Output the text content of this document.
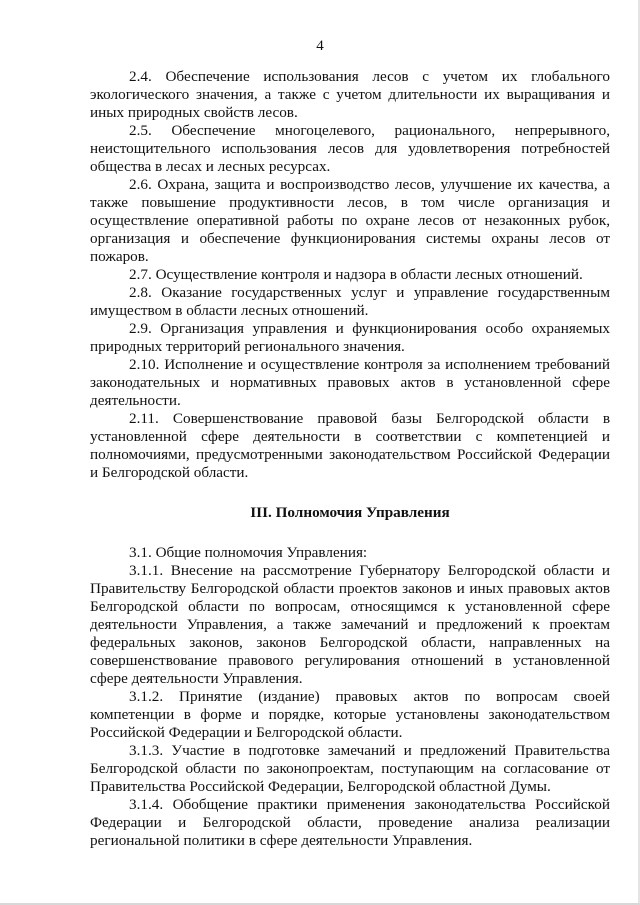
4

2.4. Обеспечение использования лесов с учетом их глобального экологического значения, а также с учетом длительности их выращивания и иных природных свойств лесов.

2.5. Обеспечение многоцелевого, рационального, непрерывного, неистощительного использования лесов для удовлетворения потребностей общества в лесах и лесных ресурсах.

2.6. Охрана, защита и воспроизводство лесов, улучшение их качества, а также повышение продуктивности лесов, в том числе организация и осуществление оперативной работы по охране лесов от незаконных рубок, организация и обеспечение функционирования системы охраны лесов от пожаров.

2.7. Осуществление контроля и надзора в области лесных отношений.

2.8. Оказание государственных услуг и управление государственным имуществом в области лесных отношений.

2.9. Организация управления и функционирования особо охраняемых природных территорий регионального значения.

2.10. Исполнение и осуществление контроля за исполнением требований законодательных и нормативных правовых актов в установленной сфере деятельности.

2.11. Совершенствование правовой базы Белгородской области в установленной сфере деятельности в соответствии с компетенцией и полномочиями, предусмотренными законодательством Российской Федерации и Белгородской области.

III. Полномочия Управления

3.1. Общие полномочия Управления:

3.1.1. Внесение на рассмотрение Губернатору Белгородской области и Правительству Белгородской области проектов законов и иных правовых актов Белгородской области по вопросам, относящимся к установленной сфере деятельности Управления, а также замечаний и предложений к проектам федеральных законов, законов Белгородской области, направленных на совершенствование правового регулирования отношений в установленной сфере деятельности Управления.

3.1.2. Принятие (издание) правовых актов по вопросам своей компетенции в форме и порядке, которые установлены законодательством Российской Федерации и Белгородской области.

3.1.3. Участие в подготовке замечаний и предложений Правительства Белгородской области по законопроектам, поступающим на согласование от Правительства Российской Федерации, Белгородской областной Думы.

3.1.4. Обобщение практики применения законодательства Российской Федерации и Белгородской области, проведение анализа реализации региональной политики в сфере деятельности Управления.
